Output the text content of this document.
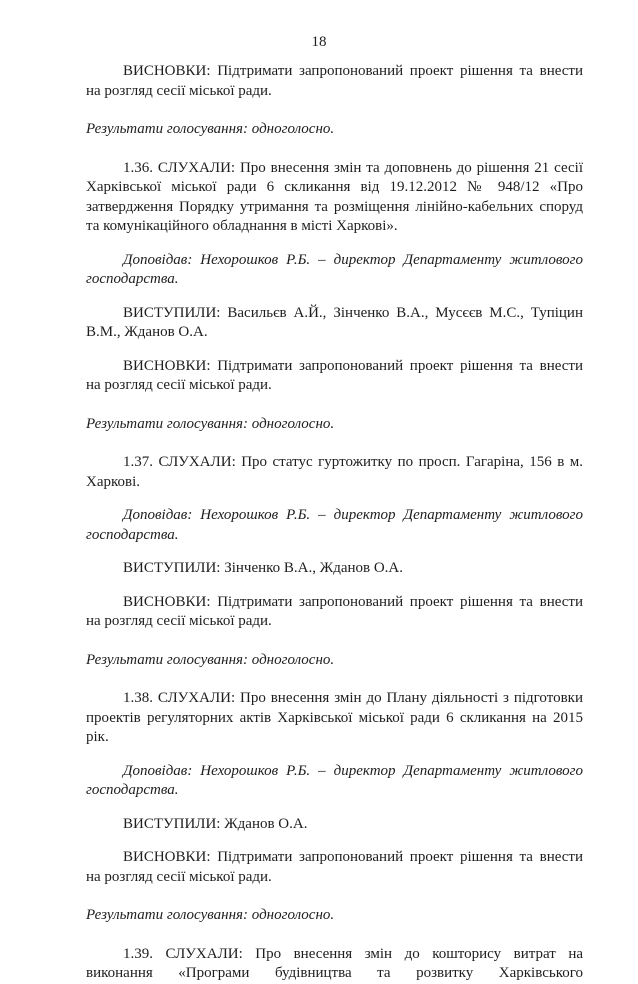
18

ВИСНОВКИ: Підтримати запропонований проект рішення та внести на розгляд сесії міської ради.

Результати голосування: одноголосно.

1.36. СЛУХАЛИ: Про внесення змін та доповнень до рішення 21 сесії Харківської міської ради 6 скликання від 19.12.2012 № 948/12 «Про затвердження Порядку утримання та розміщення лінійно-кабельних споруд та комунікаційного обладнання в місті Харкові».

Доповідав: Нехорошков Р.Б. – директор Департаменту житлового господарства.

ВИСТУПИЛИ: Васильєв А.Й., Зінченко В.А., Мусєєв М.С., Тупіцин В.М., Жданов О.А.

ВИСНОВКИ: Підтримати запропонований проект рішення та внести на розгляд сесії міської ради.

Результати голосування: одноголосно.

1.37. СЛУХАЛИ: Про статус гуртожитку по просп. Гагаріна, 156 в м. Харкові.

Доповідав: Нехорошков Р.Б. – директор Департаменту житлового господарства.

ВИСТУПИЛИ: Зінченко В.А., Жданов О.А.

ВИСНОВКИ: Підтримати запропонований проект рішення та внести на розгляд сесії міської ради.

Результати голосування: одноголосно.

1.38. СЛУХАЛИ: Про внесення змін до Плану діяльності з підготовки проектів регуляторних актів Харківської міської ради 6 скликання на 2015 рік.

Доповідав: Нехорошков Р.Б. – директор Департаменту житлового господарства.

ВИСТУПИЛИ: Жданов О.А.

ВИСНОВКИ: Підтримати запропонований проект рішення та внести на розгляд сесії міської ради.

Результати голосування: одноголосно.

1.39. СЛУХАЛИ: Про внесення змін до кошторису витрат на виконання «Програми будівництва та розвитку Харківського
